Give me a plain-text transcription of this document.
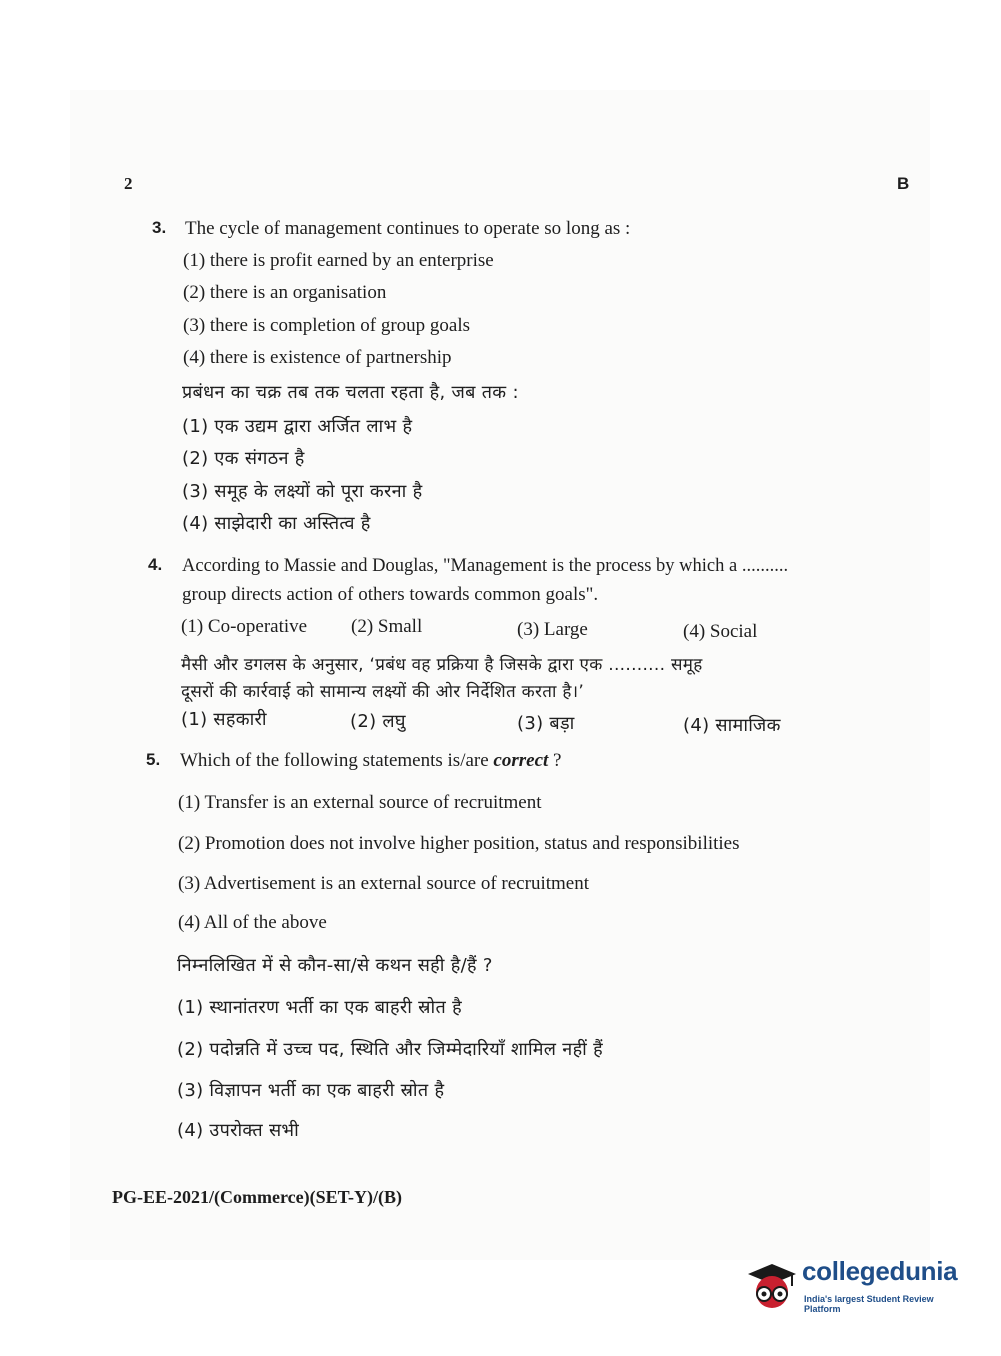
2	B
3. The cycle of management continues to operate so long as :
(1) there is profit earned by an enterprise
(2) there is an organisation
(3) there is completion of group goals
(4) there is existence of partnership
प्रबंधन का चक्र तब तक चलता रहता है, जब तक :
(1) एक उद्यम द्वारा अर्जित लाभ है
(2) एक संगठन है
(3) समूह के लक्ष्यों को पूरा करना है
(4) साझेदारी का अस्तित्व है
4. According to Massie and Douglas, "Management is the process by which a ..........
group directs action of others towards common goals".
(1) Co-operative (2) Small	(3) Large	(4) Social
मैसी और डगलस के अनुसार, ‘प्रबंध वह प्रक्रिया है जिसके द्वारा एक .......... समूह
दूसरों की कार्रवाई को सामान्य लक्ष्यों की ओर निर्देशित करता है।’
(1) सहकारी	(2) लघु	(3) बड़ा	(4) सामाजिक
5. Which of the following statements is/are correct ?
(1) Transfer is an external source of recruitment
(2) Promotion does not involve higher position, status and responsibilities
(3) Advertisement is an external source of recruitment
(4) All of the above
निम्नलिखित में से कौन-सा/से कथन सही है/हैं ?
(1) स्थानांतरण भर्ती का एक बाहरी स्रोत है
(2) पदोन्नति में उच्च पद, स्थिति और जिम्मेदारियाँ शामिल नहीं हैं
(3) विज्ञापन भर्ती का एक बाहरी स्रोत है
(4) उपरोक्त सभी
PG-EE-2021/(Commerce)(SET-Y)/(B)
collegedunia
India's largest Student Review Platform
